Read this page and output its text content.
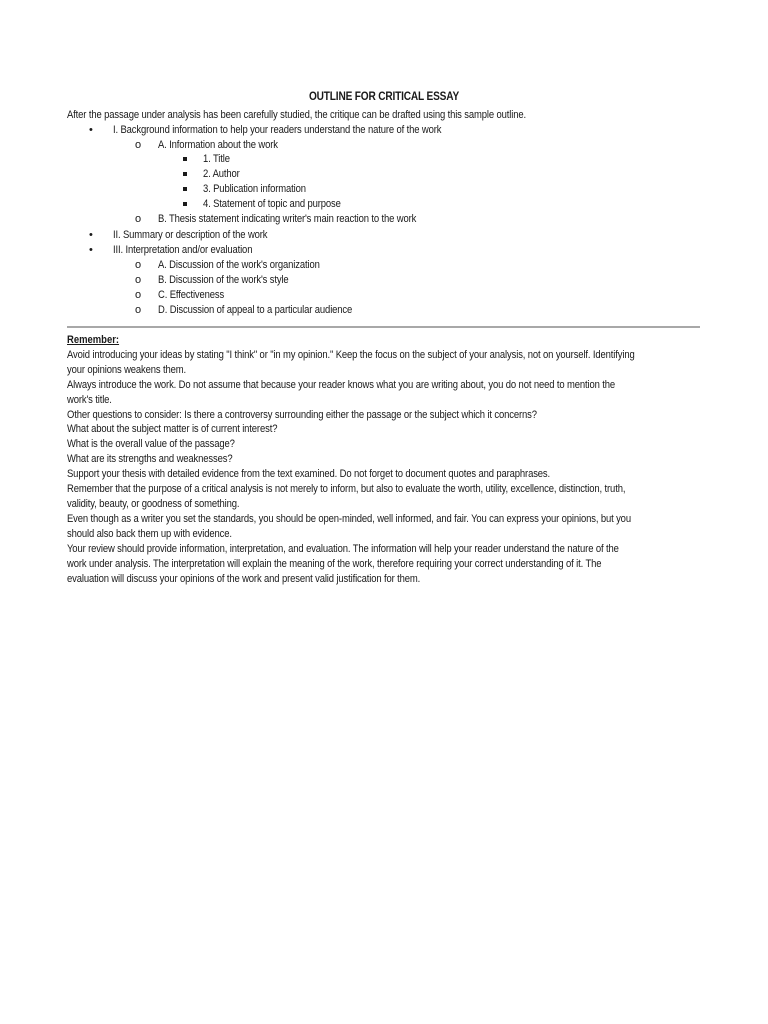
OUTLINE FOR CRITICAL ESSAY
After the passage under analysis has been carefully studied, the critique can be drafted using this sample outline.
• I. Background information to help your readers understand the nature of the work
o A. Information about the work
1. Title
2. Author
3. Publication information
4. Statement of topic and purpose
o B. Thesis statement indicating writer's main reaction to the work
• II. Summary or description of the work
• III. Interpretation and/or evaluation
o A. Discussion of the work's organization
o B. Discussion of the work's style
o C. Effectiveness
o D. Discussion of appeal to a particular audience
Remember:
Avoid introducing your ideas by stating "I think" or "in my opinion." Keep the focus on the subject of your analysis, not on yourself. Identifying
your opinions weakens them.
Always introduce the work. Do not assume that because your reader knows what you are writing about, you do not need to mention the
work's title.
Other questions to consider: Is there a controversy surrounding either the passage or the subject which it concerns?
What about the subject matter is of current interest?
What is the overall value of the passage?
What are its strengths and weaknesses?
Support your thesis with detailed evidence from the text examined. Do not forget to document quotes and paraphrases.
Remember that the purpose of a critical analysis is not merely to inform, but also to evaluate the worth, utility, excellence, distinction, truth,
validity, beauty, or goodness of something.
Even though as a writer you set the standards, you should be open-minded, well informed, and fair. You can express your opinions, but you
should also back them up with evidence.
Your review should provide information, interpretation, and evaluation. The information will help your reader understand the nature of the
work under analysis. The interpretation will explain the meaning of the work, therefore requiring your correct understanding of it. The
evaluation will discuss your opinions of the work and present valid justification for them.
